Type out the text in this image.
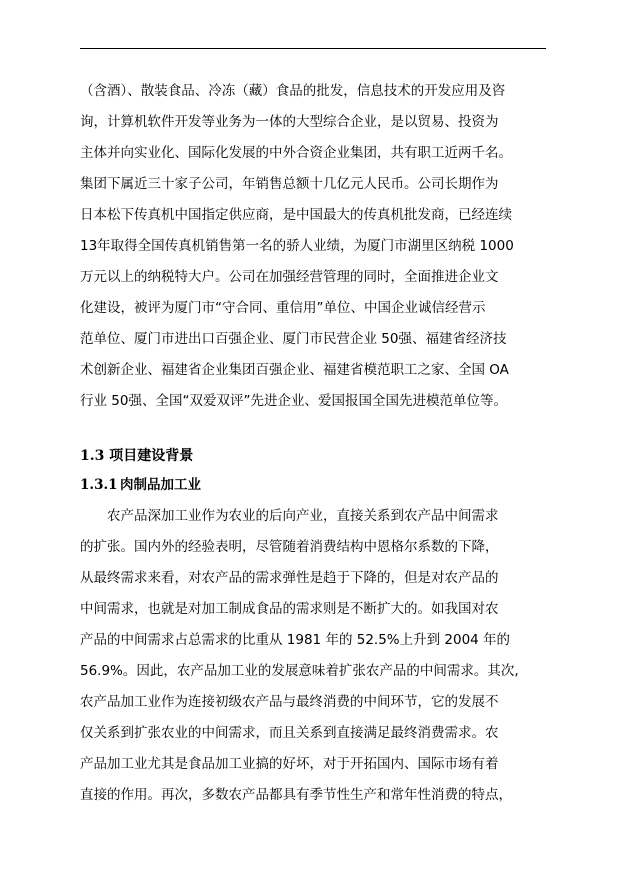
（含酒）、散装食品、冷冻（藏）食品的批发，信息技术的开发应用及咨
询，计算机软件开发等业务为一体的大型综合企业，是以贸易、投资为
主体并向实业化、国际化发展的中外合资企业集团，共有职工近两千名。
集团下属近三十家子公司，年销售总额十几亿元人民币。公司长期作为
日本松下传真机中国指定供应商，是中国最大的传真机批发商，已经连续
13年取得全国传真机销售第一名的骄人业绩，为厦门市湖里区纳税 1000
万元以上的纳税特大户。公司在加强经营管理的同时，全面推进企业文
化建设，被评为厦门市“守合同、重信用”单位、中国企业诚信经营示
范单位、厦门市进出口百强企业、厦门市民营企业 50强、福建省经济技
术创新企业、福建省企业集团百强企业、福建省模范职工之家、全国 OA
行业 50强、全国“双爱双评”先进企业、爱国报国全国先进模范单位等。
1.3 项目建设背景
1.3.1 肉制品加工业
农产品深加工业作为农业的后向产业，直接关系到农产品中间需求
的扩张。国内外的经验表明，尽管随着消费结构中恩格尔系数的下降，
从最终需求来看，对农产品的需求弹性是趋于下降的，但是对农产品的
中间需求，也就是对加工制成食品的需求则是不断扩大的。如我国对农
产品的中间需求占总需求的比重从 1981 年的 52.5%上升到 2004 年的
56.9%。因此，农产品加工业的发展意味着扩张农产品的中间需求。其次,
农产品加工业作为连接初级农产品与最终消费的中间环节，它的发展不
仅关系到扩张农业的中间需求，而且关系到直接满足最终消费需求。农
产品加工业尤其是食品加工业搞的好坏，对于开拓国内、国际市场有着
直接的作用。再次，多数农产品都具有季节性生产和常年性消费的特点，
